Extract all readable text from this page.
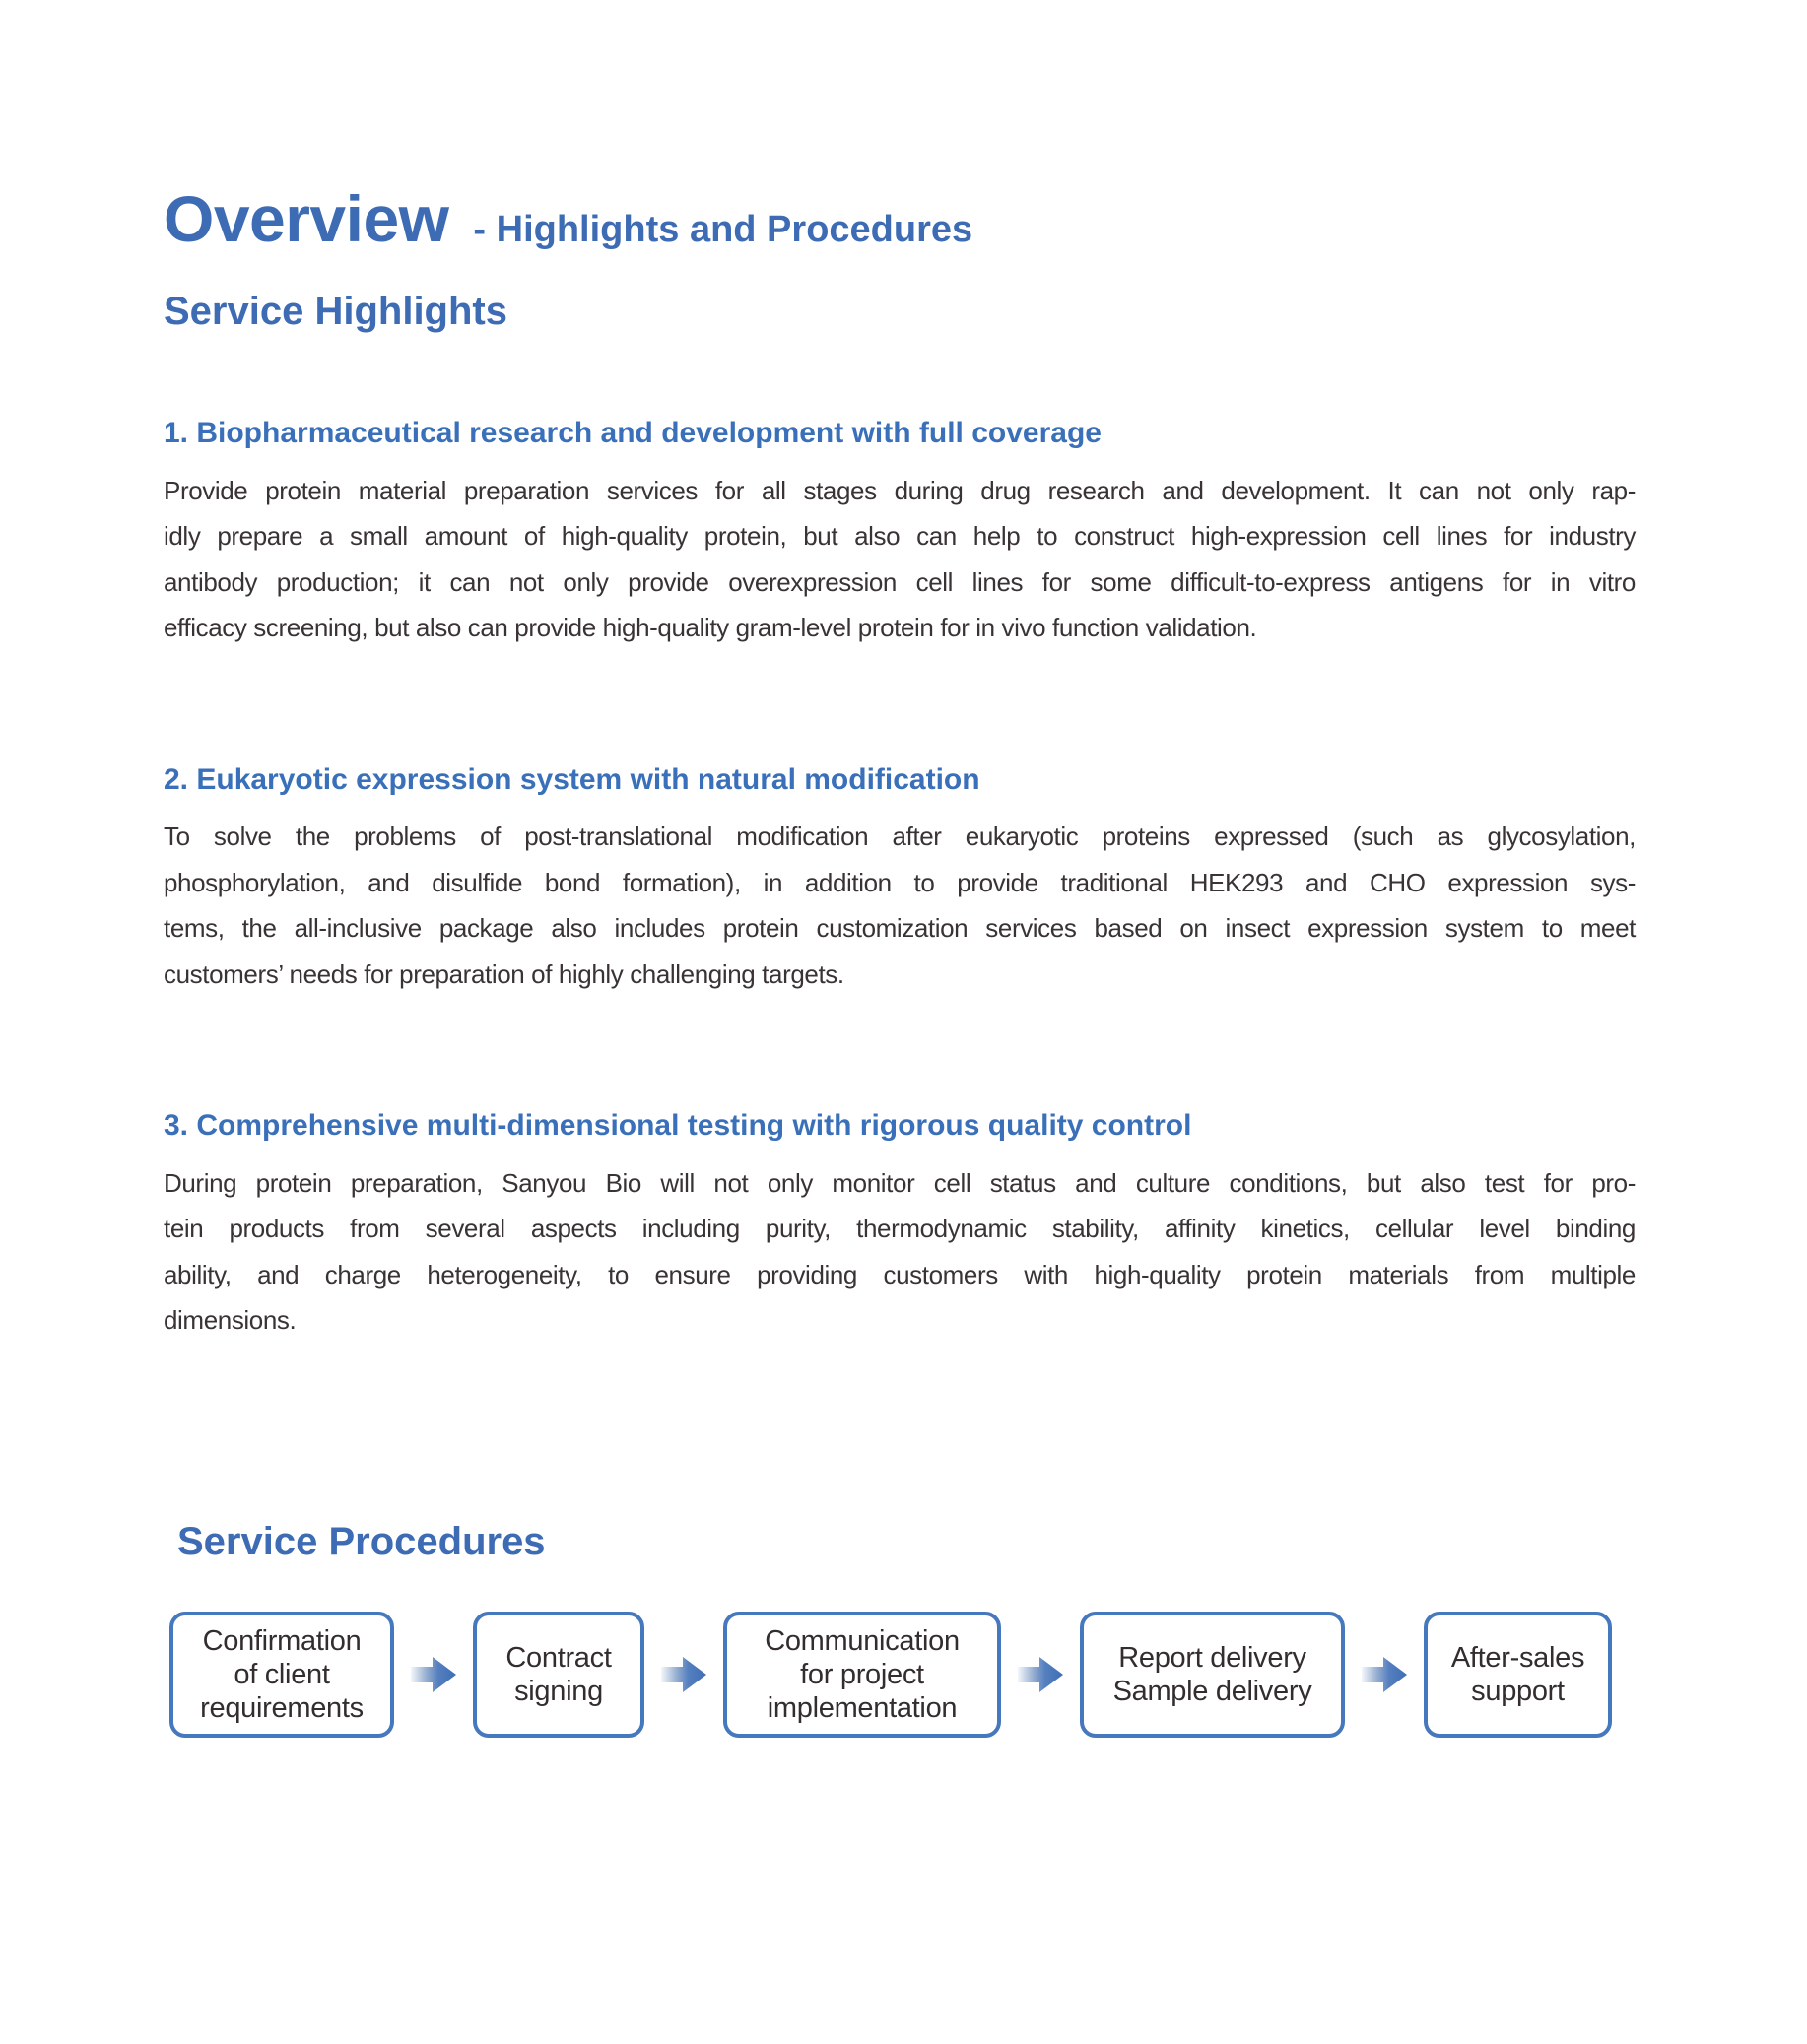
Overview - Highlights and Procedures
Service Highlights
1. Biopharmaceutical research and development with full coverage
Provide protein material preparation services for all stages during drug research and development. It can not only rap-
idly prepare a small amount of high-quality protein, but also can help to construct high-expression cell lines for industry
antibody production; it can not only provide overexpression cell lines for some difficult-to-express antigens for in vitro
efficacy screening, but also can provide high-quality gram-level protein for in vivo function validation.
2. Eukaryotic expression system with natural modification
To solve the problems of post-translational modification after eukaryotic proteins expressed (such as glycosylation,
phosphorylation, and disulfide bond formation), in addition to provide traditional HEK293 and CHO expression sys-
tems, the all-inclusive package also includes protein customization services based on insect expression system to meet
customers’ needs for preparation of highly challenging targets.
3. Comprehensive multi-dimensional testing with rigorous quality control
During protein preparation, Sanyou Bio will not only monitor cell status and culture conditions, but also test for pro-
tein products from several aspects including purity, thermodynamic stability, affinity kinetics, cellular level binding
ability, and charge heterogeneity, to ensure providing customers with high-quality protein materials from multiple
dimensions.
Service Procedures
Confirmation
of client
requirements
Contract
signing
Communication
for project
implementation
Report delivery
Sample delivery
After-sales
support
